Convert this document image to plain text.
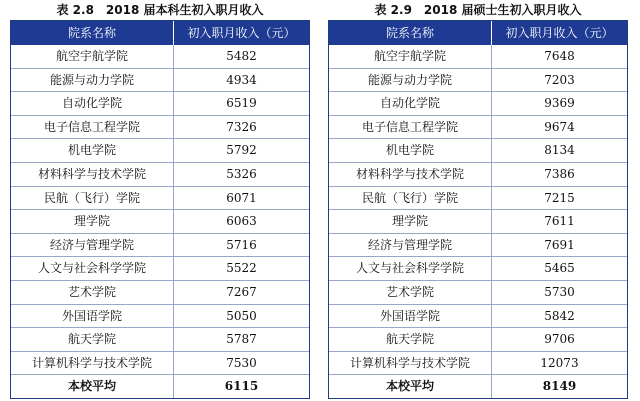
表 2.8　2018 届本科生初入职月收入
院系名称	初入职月收入（元）
航空宇航学院	5482
能源与动力学院	4934
自动化学院	6519
电子信息工程学院	7326
机电学院	5792
材料科学与技术学院	5326
民航（飞行）学院	6071
理学院	6063
经济与管理学院	5716
人文与社会科学学院	5522
艺术学院	7267
外国语学院	5050
航天学院	5787
计算机科学与技术学院	7530
本校平均	6115
表 2.9　2018 届硕士生初入职月收入
院系名称	初入职月收入（元）
航空宇航学院	7648
能源与动力学院	7203
自动化学院	9369
电子信息工程学院	9674
机电学院	8134
材料科学与技术学院	7386
民航（飞行）学院	7215
理学院	7611
经济与管理学院	7691
人文与社会科学学院	5465
艺术学院	5730
外国语学院	5842
航天学院	9706
计算机科学与技术学院	12073
本校平均	8149
